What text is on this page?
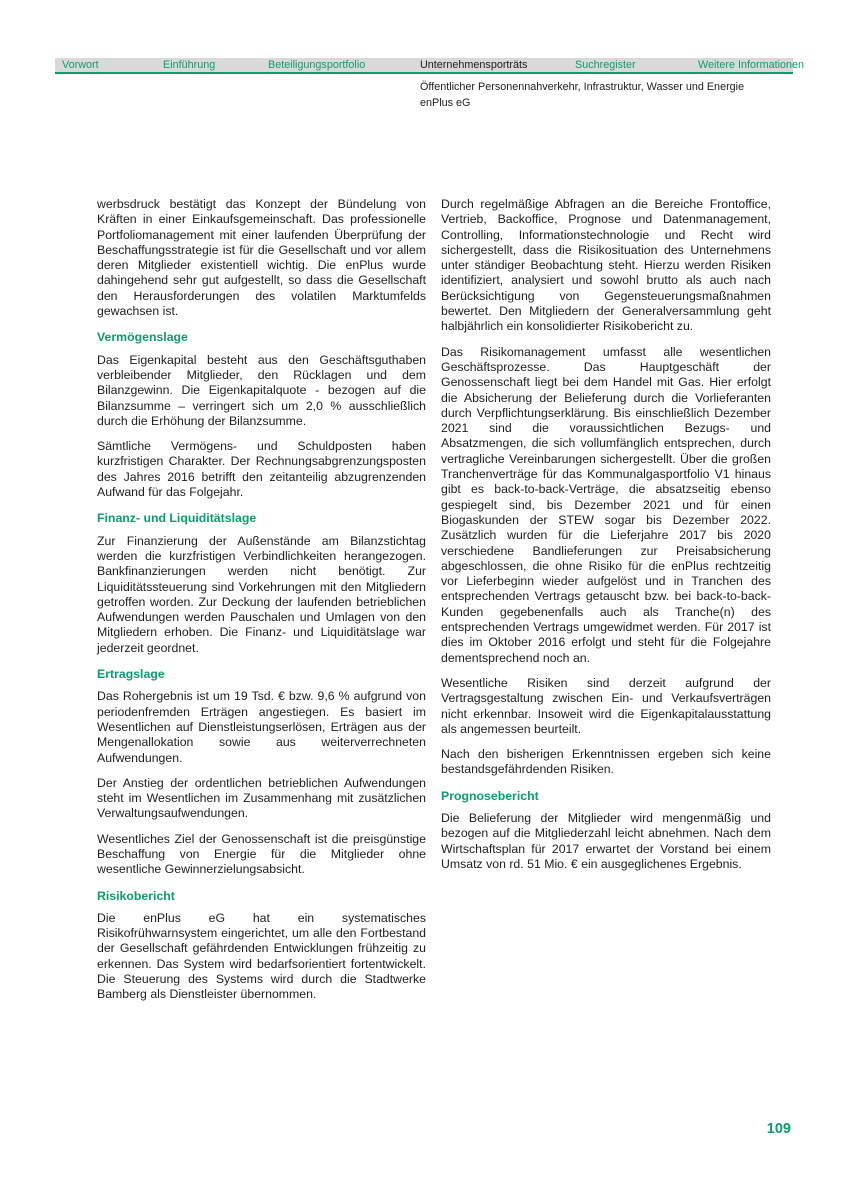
Vorwort	Einführung	Beteiligungsportfolio	Unternehmensporträts	Suchregister	Weitere Informationen
Öffentlicher Personennahverkehr, Infrastruktur, Wasser und Energie
enPlus eG

werbsdruck bestätigt das Konzept der Bündelung von Kräften in einer Einkaufsgemeinschaft. Das professionelle Portfoliomanagement mit einer laufenden Überprüfung der Beschaffungsstrategie ist für die Gesellschaft und vor allem deren Mitglieder existentiell wichtig. Die enPlus wurde dahingehend sehr gut aufgestellt, so dass die Gesellschaft den Herausforderungen des volatilen Marktumfelds gewachsen ist.

Vermögenslage

Das Eigenkapital besteht aus den Geschäftsguthaben verbleibender Mitglieder, den Rücklagen und dem Bilanzgewinn. Die Eigenkapitalquote - bezogen auf die Bilanzsumme – verringert sich um 2,0 % ausschließlich durch die Erhöhung der Bilanzsumme.

Sämtliche Vermögens- und Schuldposten haben kurzfristigen Charakter. Der Rechnungsabgrenzungsposten des Jahres 2016 betrifft den zeitanteilig abzugrenzenden Aufwand für das Folgejahr.

Finanz- und Liquiditätslage

Zur Finanzierung der Außenstände am Bilanzstichtag werden die kurzfristigen Verbindlichkeiten herangezogen. Bankfinanzierungen werden nicht benötigt. Zur Liquiditätssteuerung sind Vorkehrungen mit den Mitgliedern getroffen worden. Zur Deckung der laufenden betrieblichen Aufwendungen werden Pauschalen und Umlagen von den Mitgliedern erhoben. Die Finanz- und Liquiditätslage war jederzeit geordnet.

Ertragslage

Das Rohergebnis ist um 19 Tsd. € bzw. 9,6 % aufgrund von periodenfremden Erträgen angestiegen. Es basiert im Wesentlichen auf Dienstleistungserlösen, Erträgen aus der Mengenallokation sowie aus weiterverrechneten Aufwendungen.

Der Anstieg der ordentlichen betrieblichen Aufwendungen steht im Wesentlichen im Zusammenhang mit zusätzlichen Verwaltungsaufwendungen.

Wesentliches Ziel der Genossenschaft ist die preisgünstige Beschaffung von Energie für die Mitglieder ohne wesentliche Gewinnerzielungsabsicht.

Risikobericht

Die enPlus eG hat ein systematisches Risikofrühwarnsystem eingerichtet, um alle den Fortbestand der Gesellschaft gefährdenden Entwicklungen frühzeitig zu erkennen. Das System wird bedarfsorientiert fortentwickelt. Die Steuerung des Systems wird durch die Stadtwerke Bamberg als Dienstleister übernommen.

Durch regelmäßige Abfragen an die Bereiche Frontoffice, Vertrieb, Backoffice, Prognose und Datenmanagement, Controlling, Informationstechnologie und Recht wird sichergestellt, dass die Risikosituation des Unternehmens unter ständiger Beobachtung steht. Hierzu werden Risiken identifiziert, analysiert und sowohl brutto als auch nach Berücksichtigung von Gegensteuerungsmaßnahmen bewertet. Den Mitgliedern der Generalversammlung geht halbjährlich ein konsolidierter Risikobericht zu.

Das Risikomanagement umfasst alle wesentlichen Geschäftsprozesse. Das Hauptgeschäft der Genossenschaft liegt bei dem Handel mit Gas. Hier erfolgt die Absicherung der Belieferung durch die Vorlieferanten durch Verpflichtungserklärung. Bis einschließlich Dezember 2021 sind die voraussichtlichen Bezugs- und Absatzmengen, die sich vollumfänglich entsprechen, durch vertragliche Vereinbarungen sichergestellt. Über die großen Tranchenverträge für das Kommunalgasportfolio V1 hinaus gibt es back-to-back-Verträge, die absatzseitig ebenso gespiegelt sind, bis Dezember 2021 und für einen Biogaskunden der STEW sogar bis Dezember 2022. Zusätzlich wurden für die Lieferjahre 2017 bis 2020 verschiedene Bandlieferungen zur Preisabsicherung abgeschlossen, die ohne Risiko für die enPlus rechtzeitig vor Lieferbeginn wieder aufgelöst und in Tranchen des entsprechenden Vertrags getauscht bzw. bei back-to-back-Kunden gegebenenfalls auch als Tranche(n) des entsprechenden Vertrags umgewidmet werden. Für 2017 ist dies im Oktober 2016 erfolgt und steht für die Folgejahre dementsprechend noch an.

Wesentliche Risiken sind derzeit aufgrund der Vertragsgestaltung zwischen Ein- und Verkaufsverträgen nicht erkennbar. Insoweit wird die Eigenkapitalausstattung als angemessen beurteilt.

Nach den bisherigen Erkenntnissen ergeben sich keine bestandsgefährdenden Risiken.

Prognosebericht

Die Belieferung der Mitglieder wird mengenmäßig und bezogen auf die Mitgliederzahl leicht abnehmen. Nach dem Wirtschaftsplan für 2017 erwartet der Vorstand bei einem Umsatz von rd. 51 Mio. € ein ausgeglichenes Ergebnis.

109
